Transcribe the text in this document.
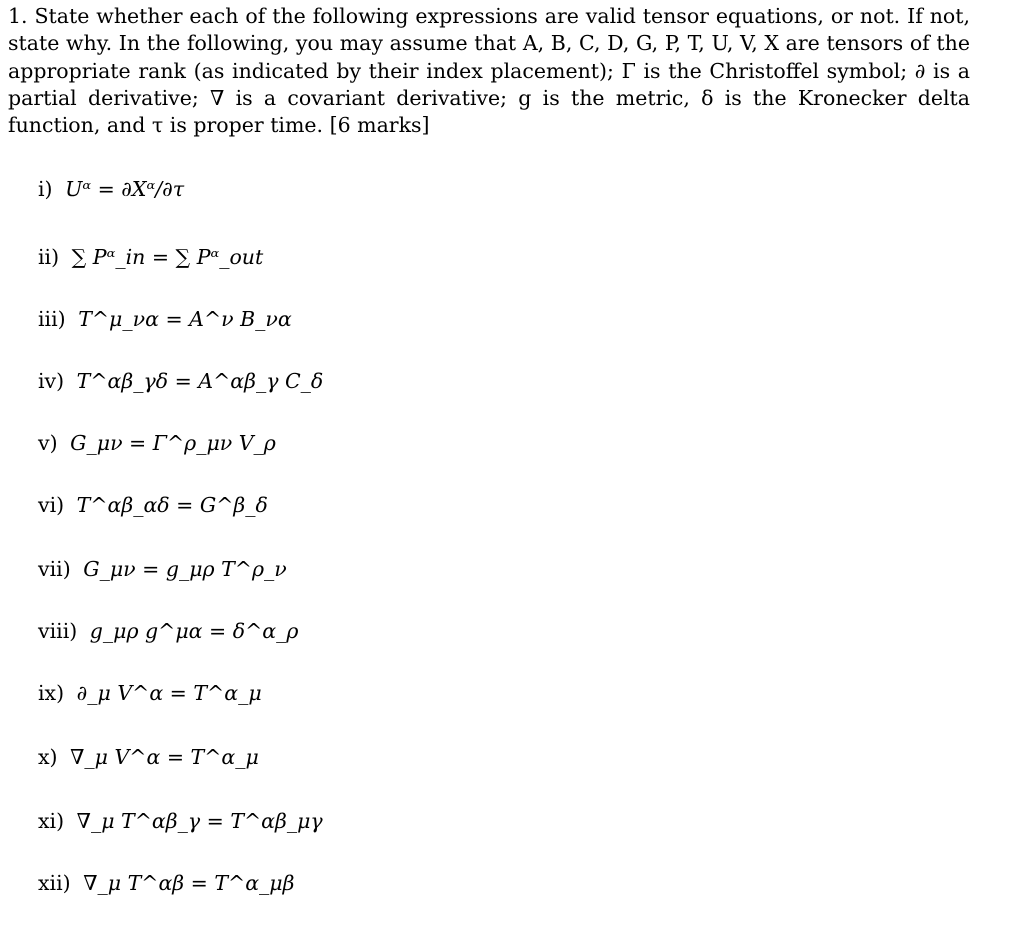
1. State whether each of the following expressions are valid tensor equations, or not. If not, state why. In the following, you may assume that A, B, C, D, G, P, T, U, V, X are tensors of the appropriate rank (as indicated by their index placement); Γ is the Christoffel symbol; ∂ is a partial derivative; ∇ is a covariant derivative; g is the metric, δ is the Kronecker delta function, and τ is proper time. [6 marks]
i) Uᵅ = ∂Xᵅ/∂τ
ii) ∑ Pᵅ_in = ∑ Pᵅ_out
iii) T^μ_να = A^ν B_να
iv) T^αβ_γδ = A^αβ_γ C_δ
v) G_μν = Γ^ρ_μν V_ρ
vi) T^αβ_αδ = G^β_δ
vii) G_μν = g_μρ T^ρ_ν
viii) g_μρ g^μα = δ^α_ρ
ix) ∂_μ V^α = T^α_μ
x) ∇_μ V^α = T^α_μ
xi) ∇_μ T^αβ_γ = T^αβ_μγ
xii) ∇_μ T^αβ = T^α_μβ
